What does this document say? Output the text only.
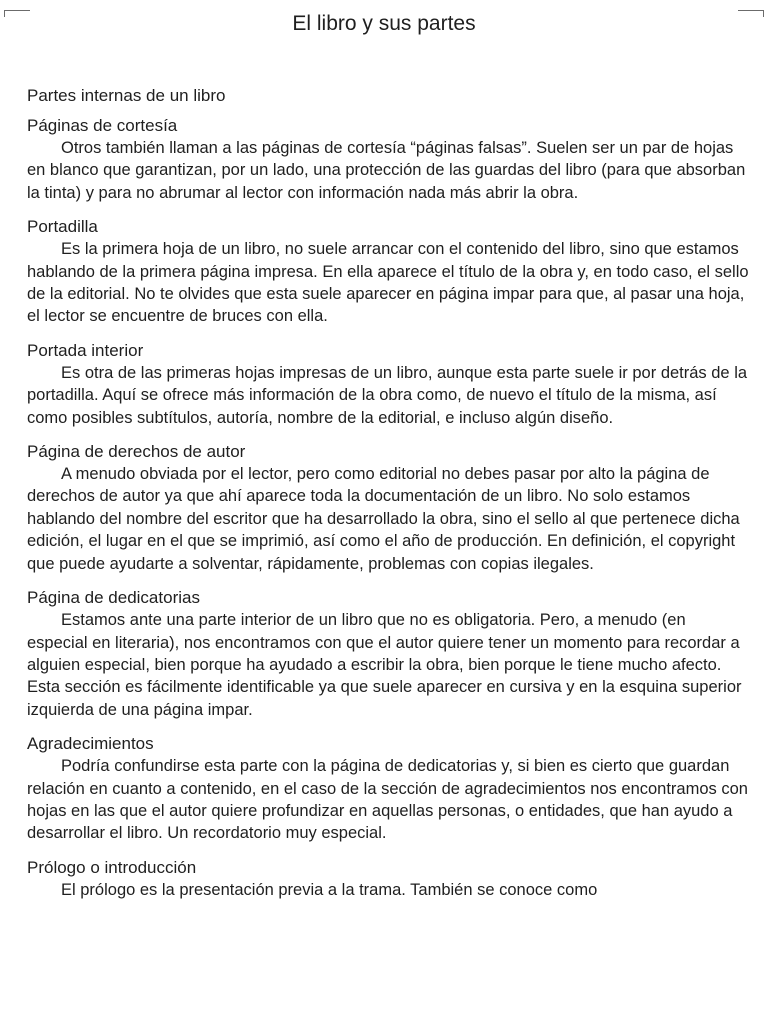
El libro y sus partes
Partes internas de un libro
Páginas de cortesía

Otros también llaman a las páginas de cortesía “páginas falsas”. Suelen ser un par de hojas en blanco que garantizan, por un lado, una protección de las guardas del libro (para que absorban la tinta) y para no abrumar al lector con información nada más abrir la obra.

Portadilla

Es la primera hoja de un libro, no suele arrancar con el contenido del libro, sino que estamos hablando de la primera página impresa. En ella aparece el título de la obra y, en todo caso, el sello de la editorial. No te olvides que esta suele aparecer en página impar para que, al pasar una hoja, el lector se encuentre de bruces con ella.

Portada interior

Es otra de las primeras hojas impresas de un libro, aunque esta parte suele ir por detrás de la portadilla. Aquí se ofrece más información de la obra como, de nuevo el título de la misma, así como posibles subtítulos, autoría, nombre de la editorial, e incluso algún diseño.

Página de derechos de autor

A menudo obviada por el lector, pero como editorial no debes pasar por alto la página de derechos de autor ya que ahí aparece toda la documentación de un libro. No solo estamos hablando del nombre del escritor que ha desarrollado la obra, sino el sello al que pertenece dicha edición, el lugar en el que se imprimió, así como el año de producción. En definición, el copyright que puede ayudarte a solventar, rápidamente, problemas con copias ilegales.

Página de dedicatorias

Estamos ante una parte interior de un libro que no es obligatoria. Pero, a menudo (en especial en literaria), nos encontramos con que el autor quiere tener un momento para recordar a alguien especial, bien porque ha ayudado a escribir la obra, bien porque le tiene mucho afecto. Esta sección es fácilmente identificable ya que suele aparecer en cursiva y en la esquina superior izquierda de una página impar.

Agradecimientos

Podría confundirse esta parte con la página de dedicatorias y, si bien es cierto que guardan relación en cuanto a contenido, en el caso de la sección de agradecimientos nos encontramos con hojas en las que el autor quiere profundizar en aquellas personas, o entidades, que han ayudo a desarrollar el libro. Un recordatorio muy especial.

Prólogo o introducción

El prólogo es la presentación previa a la trama. También se conoce como
